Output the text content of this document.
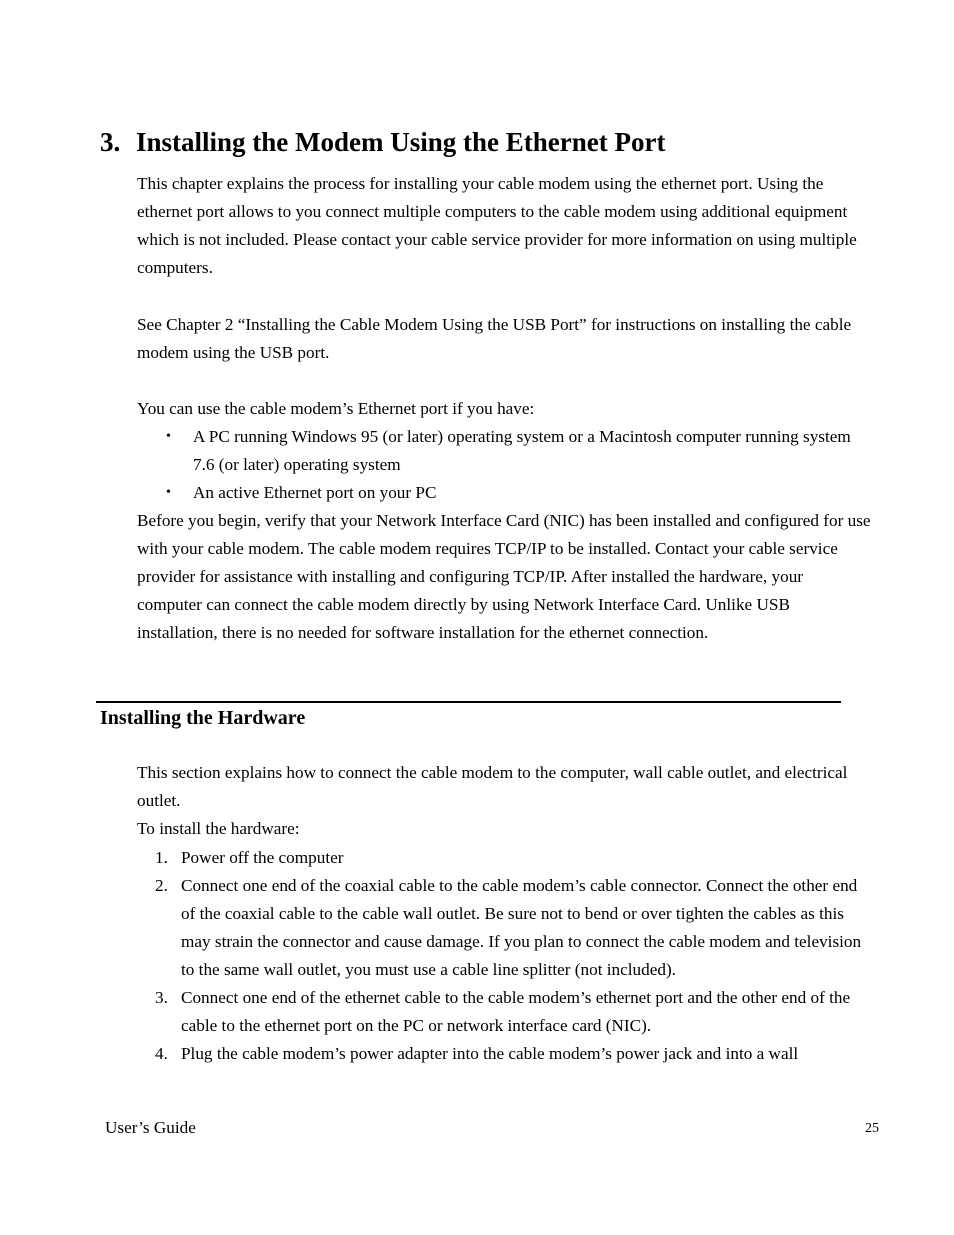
3. Installing the Modem Using the Ethernet Port

This chapter explains the process for installing your cable modem using the ethernet port. Using the ethernet port allows to you connect multiple computers to the cable modem using additional equipment which is not included. Please contact your cable service provider for more information on using multiple computers.

See Chapter 2 “Installing the Cable Modem Using the USB Port” for instructions on installing the cable modem using the USB port.

You can use the cable modem’s Ethernet port if you have:

• A PC running Windows 95 (or later) operating system or a Macintosh computer running system 7.6 (or later) operating system
• An active Ethernet port on your PC

Before you begin, verify that your Network Interface Card (NIC) has been installed and configured for use with your cable modem. The cable modem requires TCP/IP to be installed. Contact your cable service provider for assistance with installing and configuring TCP/IP. After installed the hardware, your computer can connect the cable modem directly by using Network Interface Card. Unlike USB installation, there is no needed for software installation for the ethernet connection.

Installing the Hardware

This section explains how to connect the cable modem to the computer, wall cable outlet, and electrical outlet.

To install the hardware:

1. Power off the computer
2. Connect one end of the coaxial cable to the cable modem’s cable connector. Connect the other end of the coaxial cable to the cable wall outlet. Be sure not to bend or over tighten the cables as this may strain the connector and cause damage. If you plan to connect the cable modem and television to the same wall outlet, you must use a cable line splitter (not included).
3. Connect one end of the ethernet cable to the cable modem’s ethernet port and the other end of the cable to the ethernet port on the PC or network interface card (NIC).
4. Plug the cable modem’s power adapter into the cable modem’s power jack and into a wall
User’s Guide	25
